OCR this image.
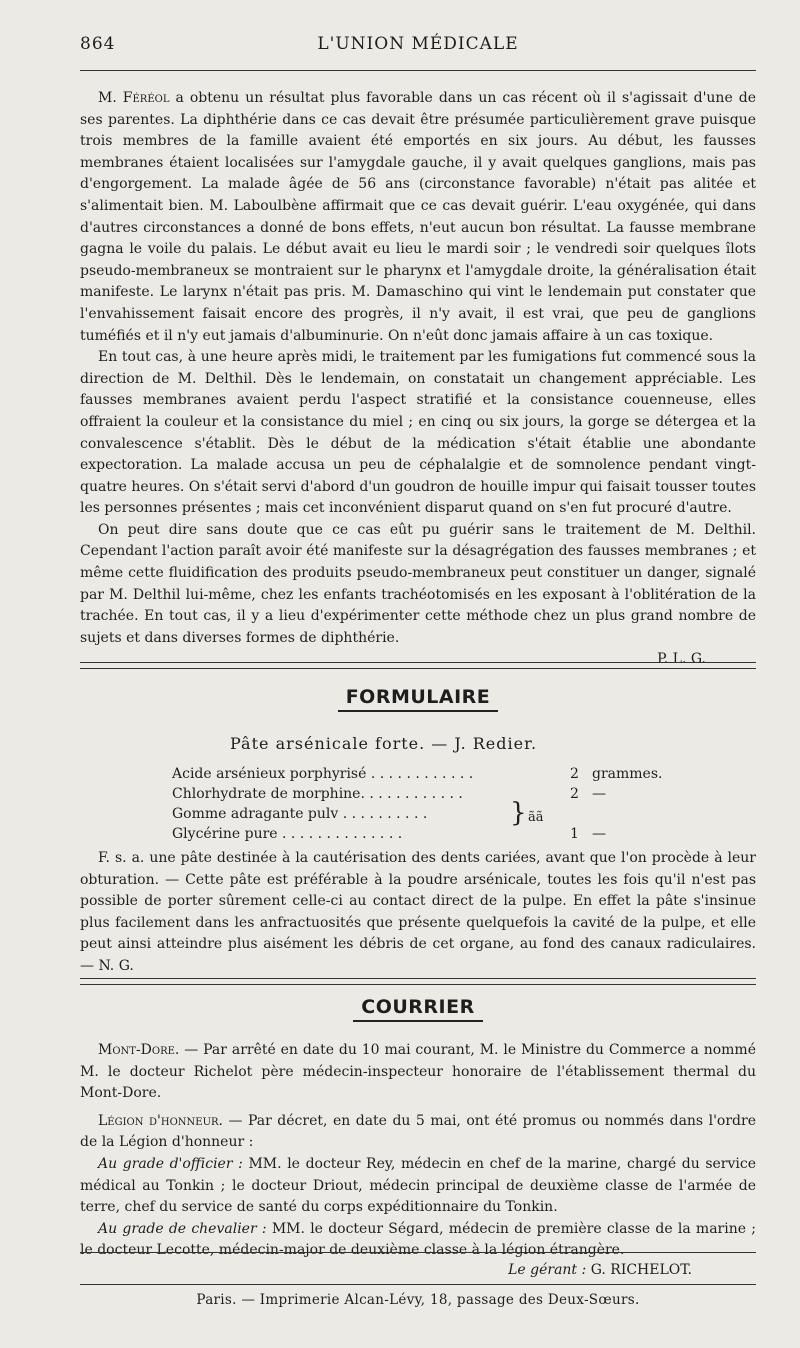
864	L'UNION MÉDICALE

M. Féréol a obtenu un résultat plus favorable dans un cas récent où il s'agissait d'une de ses parentes. La diphthérie dans ce cas devait être présumée particulièrement grave puisque trois membres de la famille avaient été emportés en six jours. Au début, les fausses membranes étaient localisées sur l'amygdale gauche, il y avait quelques ganglions, mais pas d'engorgement. La malade âgée de 56 ans (circonstance favorable) n'était pas alitée et s'alimentait bien. M. Laboulbène affirmait que ce cas devait guérir. L'eau oxygénée, qui dans d'autres circonstances a donné de bons effets, n'eut aucun bon résultat. La fausse membrane gagna le voile du palais. Le début avait eu lieu le mardi soir ; le vendredi soir quelques îlots pseudo-membraneux se montraient sur le pharynx et l'amygdale droite, la généralisation était manifeste. Le larynx n'était pas pris. M. Damaschino qui vint le lendemain put constater que l'envahissement faisait encore des progrès, il n'y avait, il est vrai, que peu de ganglions tuméfiés et il n'y eut jamais d'albuminurie. On n'eût donc jamais affaire à un cas toxique.

En tout cas, à une heure après midi, le traitement par les fumigations fut commencé sous la direction de M. Delthil. Dès le lendemain, on constatait un changement appréciable. Les fausses membranes avaient perdu l'aspect stratifié et la consistance couenneuse, elles offraient la couleur et la consistance du miel ; en cinq ou six jours, la gorge se détergea et la convalescence s'établit. Dès le début de la médication s'était établie une abondante expectoration. La malade accusa un peu de céphalalgie et de somnolence pendant vingt-quatre heures. On s'était servi d'abord d'un goudron de houille impur qui faisait tousser toutes les personnes présentes ; mais cet inconvénient disparut quand on s'en fut procuré d'autre.

On peut dire sans doute que ce cas eût pu guérir sans le traitement de M. Delthil. Cependant l'action paraît avoir été manifeste sur la désagrégation des fausses membranes ; et même cette fluidification des produits pseudo-membraneux peut constituer un danger, signalé par M. Delthil lui-même, chez les enfants trachéotomisés en les exposant à l'oblitération de la trachée. En tout cas, il y a lieu d'expérimenter cette méthode chez un plus grand nombre de sujets et dans diverses formes de diphthérie.

P. L. G.
FORMULAIRE
Pâte arsénicale forte. — J. Redier.
Acide arsénieux porphyrisé . . . . . . . . . . . .	2 grammes.
Chlorhydrate de morphine. . . . . . . . . . . .	2 —
Gomme adragante pulv . . . . . . . . . .	} ãã
Glycérine pure . . . . . . . . . . . . . .	1 —

F. s. a. une pâte destinée à la cautérisation des dents cariées, avant que l'on procède à leur obturation. — Cette pâte est préférable à la poudre arsénicale, toutes les fois qu'il n'est pas possible de porter sûrement celle-ci au contact direct de la pulpe. En effet la pâte s'insinue plus facilement dans les anfractuosités que présente quelquefois la cavité de la pulpe, et elle peut ainsi atteindre plus aisément les débris de cet organe, au fond des canaux radiculaires. — N. G.

COURRIER

Mont-Dore. — Par arrêté en date du 10 mai courant, M. le Ministre du Commerce a nommé M. le docteur Richelot père médecin-inspecteur honoraire de l'établissement thermal du Mont-Dore.

Légion d'honneur. — Par décret, en date du 5 mai, ont été promus ou nommés dans l'ordre de la Légion d'honneur :

Au grade d'officier : MM. le docteur Rey, médecin en chef de la marine, chargé du service médical au Tonkin ; le docteur Driout, médecin principal de deuxième classe de l'armée de terre, chef du service de santé du corps expéditionnaire du Tonkin.

Au grade de chevalier : MM. le docteur Ségard, médecin de première classe de la marine ; le docteur Lecotte, médecin-major de deuxième classe à la légion étrangère.

Le gérant : G. RICHELOT.
Paris. — Imprimerie Alcan-Lévy, 18, passage des Deux-Sœurs.
